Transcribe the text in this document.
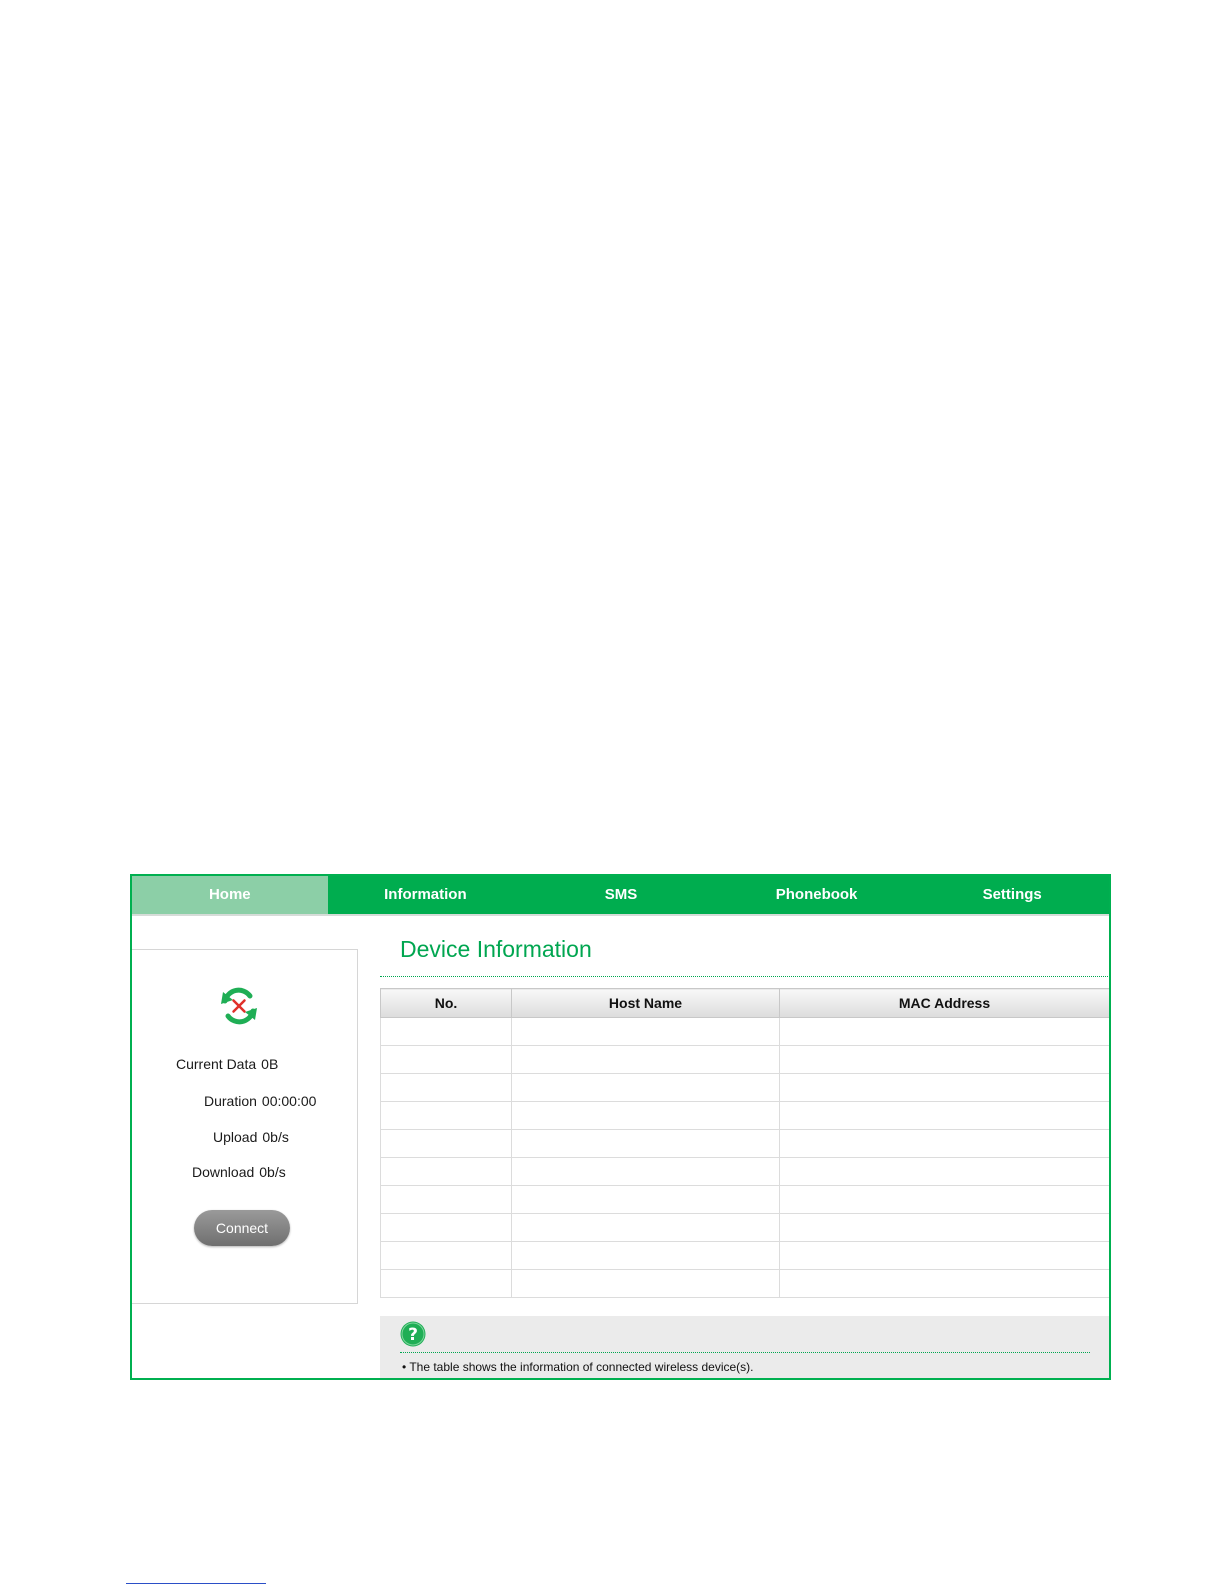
Home	Information	SMS	Phonebook	Settings
Current Data 0B
Duration 00:00:00
Upload 0b/s
Download 0b/s
Connect
Device Information
No.	Host Name	MAC Address

?
• The table shows the information of connected wireless device(s).
